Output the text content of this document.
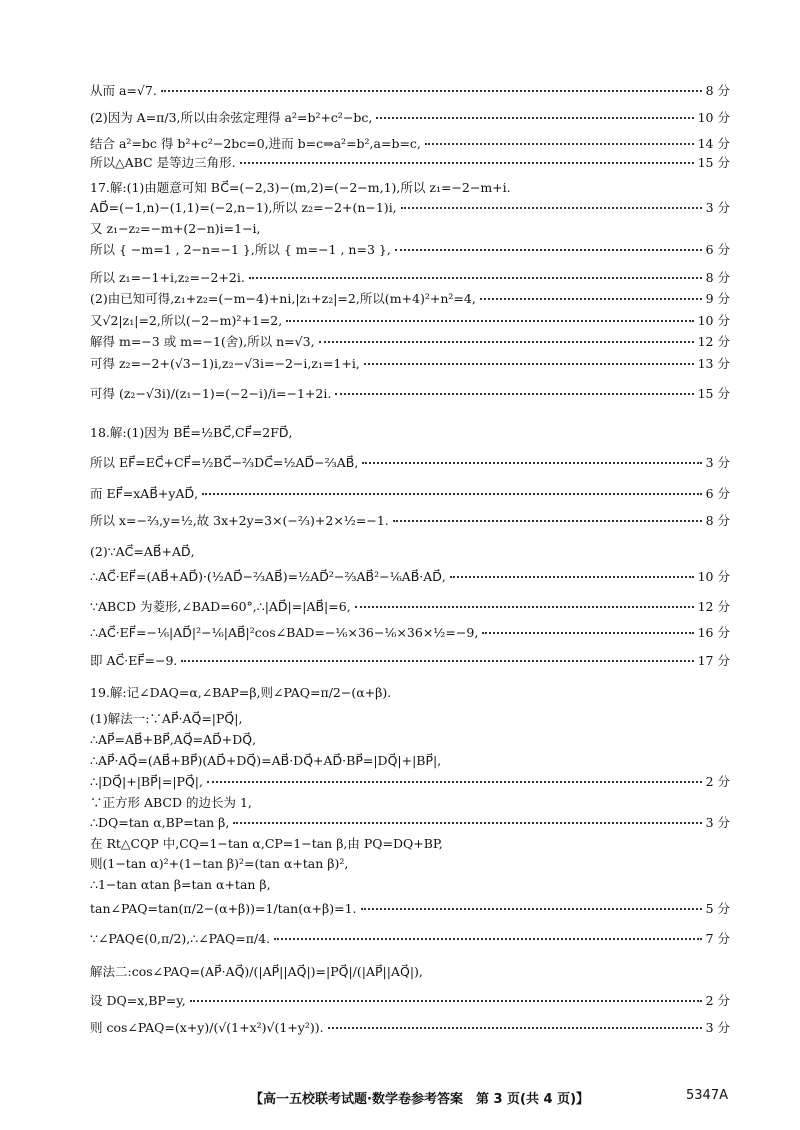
从而 a=√7.	8 分
(2)因为 A=π/3,所以由余弦定理得 a²=b²+c²−bc,	10 分
结合 a²=bc 得 b²+c²−2bc=0,进而 b=c⇒a²=b²,a=b=c,	14 分
所以△ABC 是等边三角形.	15 分
17.解:(1)由题意可知 BC⃗=(−2,3)−(m,2)=(−2−m,1),所以 z₁=−2−m+i.
AD⃗=(−1,n)−(1,1)=(−2,n−1),所以 z₂=−2+(n−1)i,	3 分
又 z₁−z₂=−m+(2−n)i=1−i,
所以 { −m=1 , 2−n=−1 },所以 { m=−1 , n=3 },	6 分
所以 z₁=−1+i,z₂=−2+2i.	8 分
(2)由已知可得,z₁+z₂=(−m−4)+ni,|z₁+z₂|=2,所以(m+4)²+n²=4,	9 分
又√2|z₁|=2,所以(−2−m)²+1=2,	10 分
解得 m=−3 或 m=−1(舍),所以 n=√3,	12 分
可得 z₂=−2+(√3−1)i,z₂−√3i=−2−i,z₁=1+i,	13 分
可得 (z₂−√3i)/(z₁−1)=(−2−i)/i=−1+2i.	15 分
18.解:(1)因为 BE⃗=½BC⃗,CF⃗=2FD⃗,
所以 EF⃗=EC⃗+CF⃗=½BC⃗−⅔DC⃗=½AD⃗−⅔AB⃗,	3 分
而 EF⃗=xAB⃗+yAD⃗,	6 分
所以 x=−⅔,y=½,故 3x+2y=3×(−⅔)+2×½=−1.	8 分
(2)∵AC⃗=AB⃗+AD⃗,
∴AC⃗·EF⃗=(AB⃗+AD⃗)·(½AD⃗−⅔AB⃗)=½AD⃗²−⅔AB⃗²−⅙AB⃗·AD⃗,	10 分
∵ABCD 为菱形,∠BAD=60°,∴|AD⃗|=|AB⃗|=6,	12 分
∴AC⃗·EF⃗=−⅙|AD⃗|²−⅙|AB⃗|²cos∠BAD=−⅙×36−⅙×36×½=−9,	16 分
即 AC⃗·EF⃗=−9.	17 分
19.解:记∠DAQ=α,∠BAP=β,则∠PAQ=π/2−(α+β).
(1)解法一:∵AP⃗·AQ⃗=|PQ⃗|,
∴AP⃗=AB⃗+BP⃗,AQ⃗=AD⃗+DQ⃗,
∴AP⃗·AQ⃗=(AB⃗+BP⃗)(AD⃗+DQ⃗)=AB⃗·DQ⃗+AD⃗·BP⃗=|DQ⃗|+|BP⃗|,
∴|DQ⃗|+|BP⃗|=|PQ⃗|,	2 分
∵正方形 ABCD 的边长为 1,
∴DQ=tan α,BP=tan β,	3 分
在 Rt△CQP 中,CQ=1−tan α,CP=1−tan β,由 PQ=DQ+BP,
则(1−tan α)²+(1−tan β)²=(tan α+tan β)²,
∴1−tan αtan β=tan α+tan β,
tan∠PAQ=tan(π/2−(α+β))=1/tan(α+β)=1.	5 分
∵∠PAQ∈(0,π/2),∴∠PAQ=π/4.	7 分
解法二:cos∠PAQ=(AP⃗·AQ⃗)/(|AP⃗||AQ⃗|)=|PQ⃗|/(|AP⃗||AQ⃗|),
设 DQ=x,BP=y,	2 分
则 cos∠PAQ=(x+y)/(√(1+x²)√(1+y²)).	3 分
【高一五校联考试题·数学卷参考答案　第 3 页(共 4 页)】	5347A
